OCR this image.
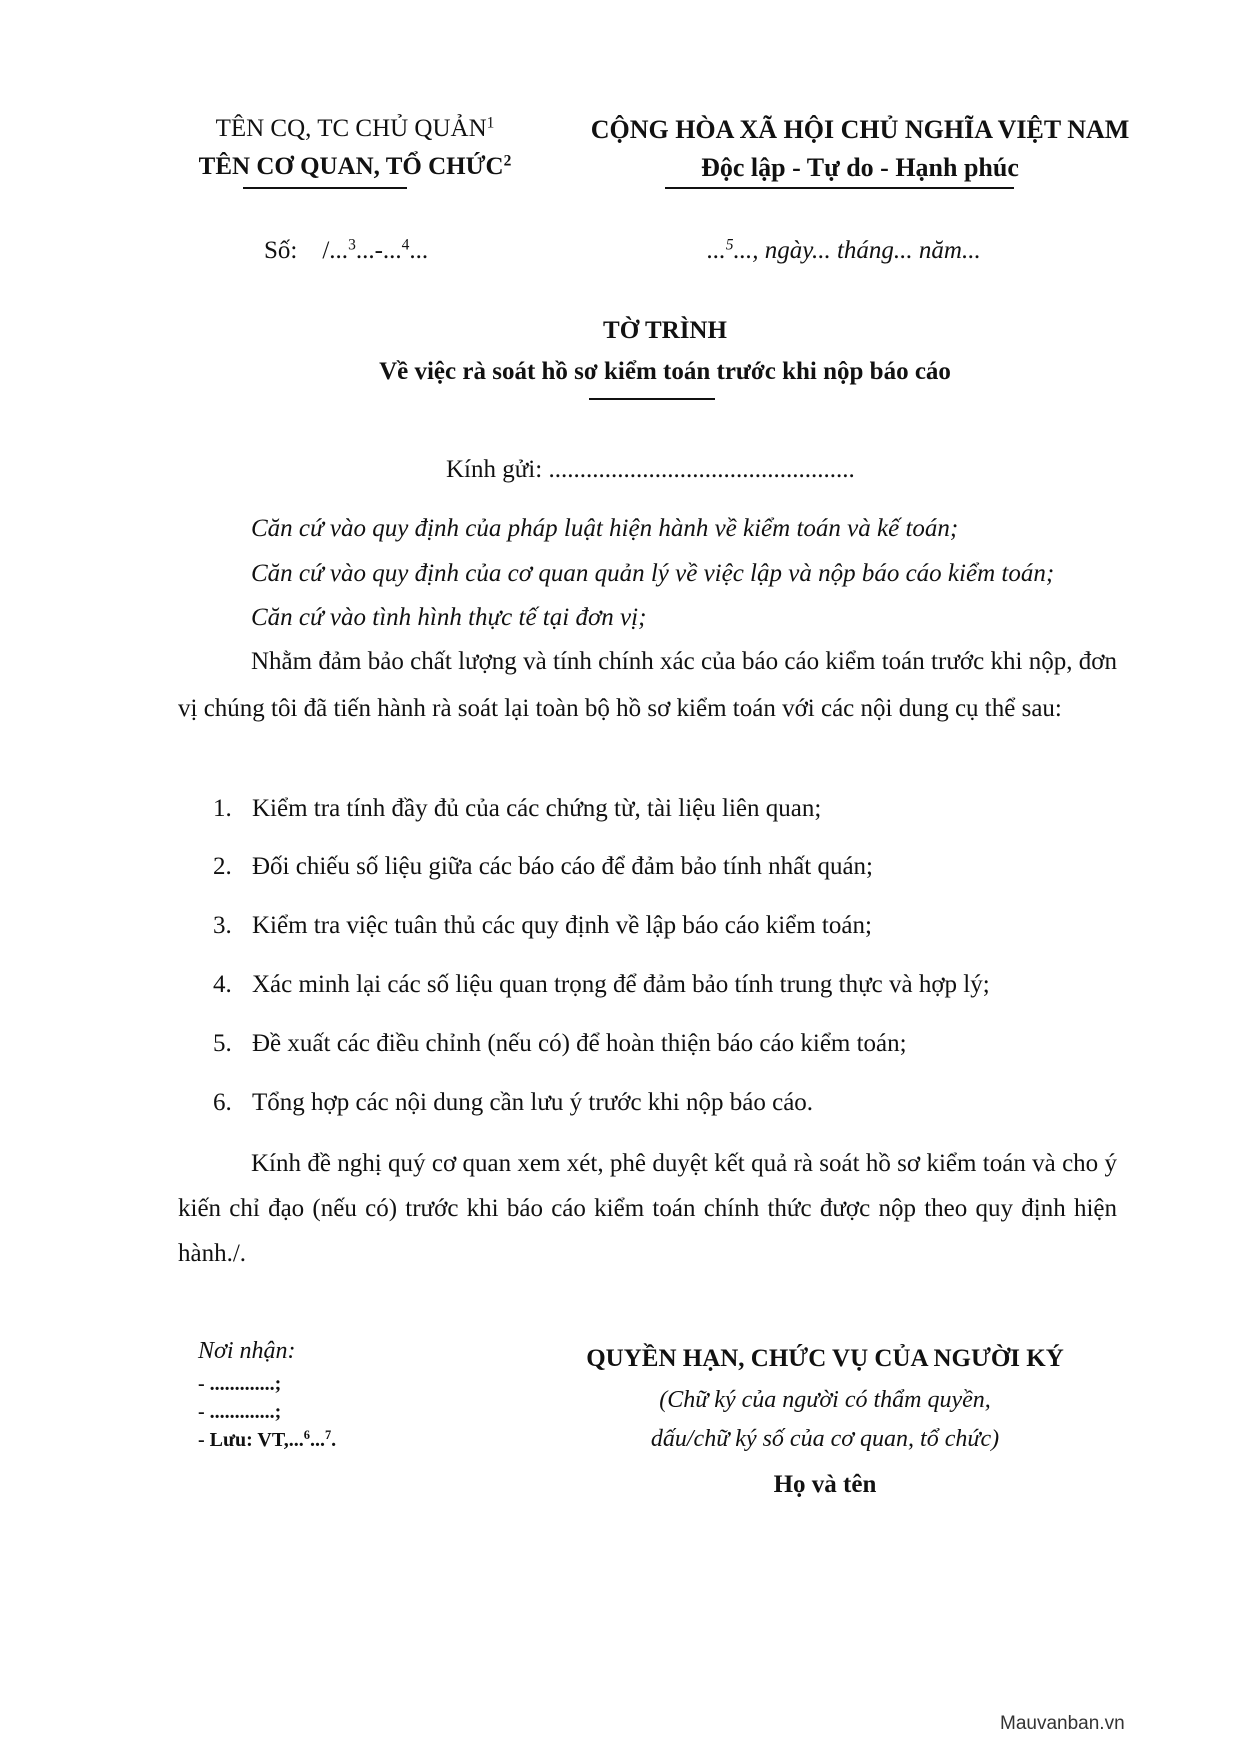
TÊN CQ, TC CHỦ QUẢN$^1$
TÊN CƠ QUAN, TỔ CHỨC$^2$
CỘNG HÒA XÃ HỘI CHỦ NGHĨA VIỆT NAM
Độc lập - Tự do - Hạnh phúc
Số: /...$^3$...-...$^4$...	...$^5$..., ngày... tháng... năm...
TỜ TRÌNH
Về việc rà soát hồ sơ kiểm toán trước khi nộp báo cáo
Kính gửi: .................................................
Căn cứ vào quy định của pháp luật hiện hành về kiểm toán và kế toán;
Căn cứ vào quy định của cơ quan quản lý về việc lập và nộp báo cáo kiểm toán;
Căn cứ vào tình hình thực tế tại đơn vị;
Nhằm đảm bảo chất lượng và tính chính xác của báo cáo kiểm toán trước khi nộp, đơn vị chúng tôi đã tiến hành rà soát lại toàn bộ hồ sơ kiểm toán với các nội dung cụ thể sau:
1. Kiểm tra tính đầy đủ của các chứng từ, tài liệu liên quan;
2. Đối chiếu số liệu giữa các báo cáo để đảm bảo tính nhất quán;
3. Kiểm tra việc tuân thủ các quy định về lập báo cáo kiểm toán;
4. Xác minh lại các số liệu quan trọng để đảm bảo tính trung thực và hợp lý;
5. Đề xuất các điều chỉnh (nếu có) để hoàn thiện báo cáo kiểm toán;
6. Tổng hợp các nội dung cần lưu ý trước khi nộp báo cáo.
Kính đề nghị quý cơ quan xem xét, phê duyệt kết quả rà soát hồ sơ kiểm toán và cho ý kiến chỉ đạo (nếu có) trước khi báo cáo kiểm toán chính thức được nộp theo quy định hiện hành./.
Nơi nhận:
- .............;
- .............;
- Lưu: VT,...$^6$...$^7$.
QUYỀN HẠN, CHỨC VỤ CỦA NGƯỜI KÝ
(Chữ ký của người có thẩm quyền,
dấu/chữ ký số của cơ quan, tổ chức)
Họ và tên
Mauvanban.vn
